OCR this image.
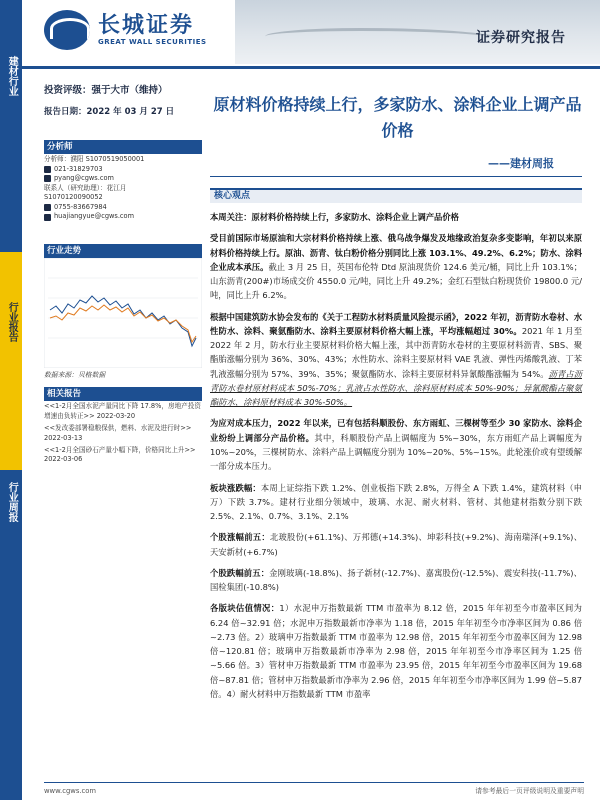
长城证券
GREAT WALL SECURITIES	证券研究报告
建材行业
行业报告
行业周报
投资评级：强于大市（维持）
报告日期：2022 年 03 月 27 日
分析师
分析师：濮阳 S1070519050001
021-31829703
pyang@cgws.com
联系人（研究助理）：花江月
S1070120090052
0755-83667984
huajiangyue@cgws.com
行业走势
数据来源：贝格数据
相关报告
<<1-2月全国水泥产量同比下降 17.8%，房地产投资增速由负转正>> 2022-03-20
<<发改委部署稳粮保供，燃料、水泥及进行时>> 2022-03-13
<<1-2月全国砂石产量小幅下降，价格同比上升>> 2022-03-06
原材料价格持续上行，多家防水、涂料企业上调产品价格
——建材周报
核心观点

本周关注：原材料价格持续上行，多家防水、涂料企业上调产品价格

受目前国际市场原油和大宗材料价格持续上涨、俄乌战争爆发及地缘政治复杂多变影响，年初以来原材料价格持续上行。原油、沥青、钛白粉价格分别同比上涨 103.1%、49.2%、6.2%；防水、涂料企业成本承压。截止 3 月 25 日，英国布伦特 Dtd 原油现货价 124.6 美元/桶，同比上升 103.1%；山东沥青(200#)市场成交价 4550.0 元/吨，同比上升 49.2%；金红石型钛白粉现货价 19800.0 元/吨，同比上升 6.2%。

根据中国建筑防水协会发布的《关于工程防水材料质量风险提示函》，2022 年初，沥青防水卷材、水性防水、涂料、聚氨酯防水、涂料主要原材料价格大幅上涨，平均涨幅超过 30%。2021 年 1 月至 2022 年 2 月，防水行业主要原材料价格大幅上涨，其中沥青防水卷材的主要原材料沥青、SBS、聚酯胎涨幅分别为 36%、30%、43%；水性防水、涂料主要原材料 VAE 乳液、弹性丙烯酸乳液、丁苯乳液涨幅分别为 57%、39%、35%；聚氨酯防水、涂料主要原材料异氰酸酯涨幅为 54%。沥青占沥青防水卷材原材料成本 50%-70%；乳液占水性防水、涂料原材料成本 50%-90%；异氰酸酯占聚氨酯防水、涂料原材料成本 30%-50%。

为应对成本压力，2022 年以来，已有包括科顺股份、东方雨虹、三棵树等至少 30 家防水、涂料企业纷纷上调部分产品价格。其中，科顺股份产品上调幅度为 5%~30%，东方雨虹产品上调幅度为 10%~20%，三棵树防水、涂料产品上调幅度分别为 10%~20%、5%~15%。此轮涨价或有望缓解一部分成本压力。

板块涨跌幅：本周上证综指下跌 1.2%、创业板指下跌 2.8%，万得全 A 下跌 1.4%，建筑材料（申万）下跌 3.7%。建材行业细分领域中，玻璃、水泥、耐火材料、管材、其他建材指数分别下跌 2.5%、2.1%、0.7%、3.1%、2.1%

个股涨幅前五：北玻股份(+61.1%)、万邦德(+14.3%)、坤彩科技(+9.2%)、海南瑞泽(+9.1%)、天安新材(+6.7%)

个股跌幅前五：金刚玻璃(-18.8%)、扬子新材(-12.7%)、嘉寓股份(-12.5%)、震安科技(-11.7%)、国检集团(-10.8%)

各版块估值情况：1）水泥申万指数最新 TTM 市盈率为 8.12 倍，2015 年年初至今市盈率区间为 6.24 倍~32.91 倍；水泥申万指数最新市净率为 1.18 倍，2015 年年初至今市净率区间为 0.86 倍~2.73 倍。2）玻璃申万指数最新 TTM 市盈率为 12.98 倍，2015 年年初至今市盈率区间为 12.98 倍~120.81 倍；玻璃申万指数最新市净率为 2.98 倍，2015 年年初至今市净率区间为 1.25 倍~5.66 倍。3）管材申万指数最新 TTM 市盈率为 23.95 倍，2015 年年初至今市盈率区间为 19.68 倍~87.81 倍；管材申万指数最新市净率为 2.96 倍，2015 年年初至今市净率区间为 1.99 倍~5.87 倍。4）耐火材料申万指数最新 TTM 市盈率

www.cgws.com	请参考最后一页评级说明及重要声明
